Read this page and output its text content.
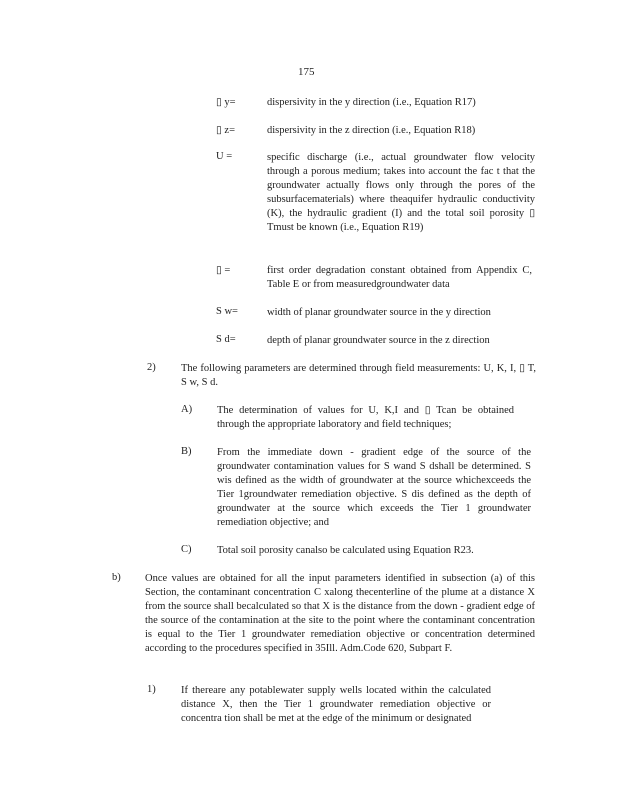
175
▯ y=	dispersivity in the y direction (i.e., Equation R17)
▯ z=	dispersivity in the z direction (i.e., Equation R18)
U =	specific discharge (i.e., actual groundwater flow velocity through a porous medium; takes into account the fac t that the groundwater actually flows only through the pores of the subsurfacematerials) where theaquifer hydraulic conductivity (K), the hydraulic gradient (I) and the total soil porosity ▯ Tmust be known (i.e., Equation R19)
▯ =	first order degradation constant obtained from Appendix C, Table E or from measuredgroundwater data
S w=	width of planar groundwater source in the y direction
S d=	depth of planar groundwater source in the z direction
2) The following parameters are determined through field measurements: U, K, I, ▯ T, S w, S d.
A) The determination of values for U, K,I and ▯ Tcan be obtained through the appropriate laboratory and field techniques;
B) From the immediate down - gradient edge of the source of the groundwater contamination values for S wand S dshall be determined. S wis defined as the width of groundwater at the source whichexceeds the Tier 1groundwater remediation objective. S dis defined as the depth of groundwater at the source which exceeds the Tier 1 groundwater remediation objective; and
C) Total soil porosity canalso be calculated using Equation R23.
b) Once values are obtained for all the input parameters identified in subsection (a) of this Section, the contaminant concentration C xalong thecenterline of the plume at a distance X from the source shall becalculated so that X is the distance from the down - gradient edge of the source of the contamination at the site to the point where the contaminant concentration is equal to the Tier 1 groundwater remediation objective or concentration determined according to the procedures specified in 35Ill. Adm.Code 620, Subpart F.
1) If thereare any potablewater supply wells located within the calculated distance X, then the Tier 1 groundwater remediation objective or concentra tion shall be met at the edge of the minimum or designated
